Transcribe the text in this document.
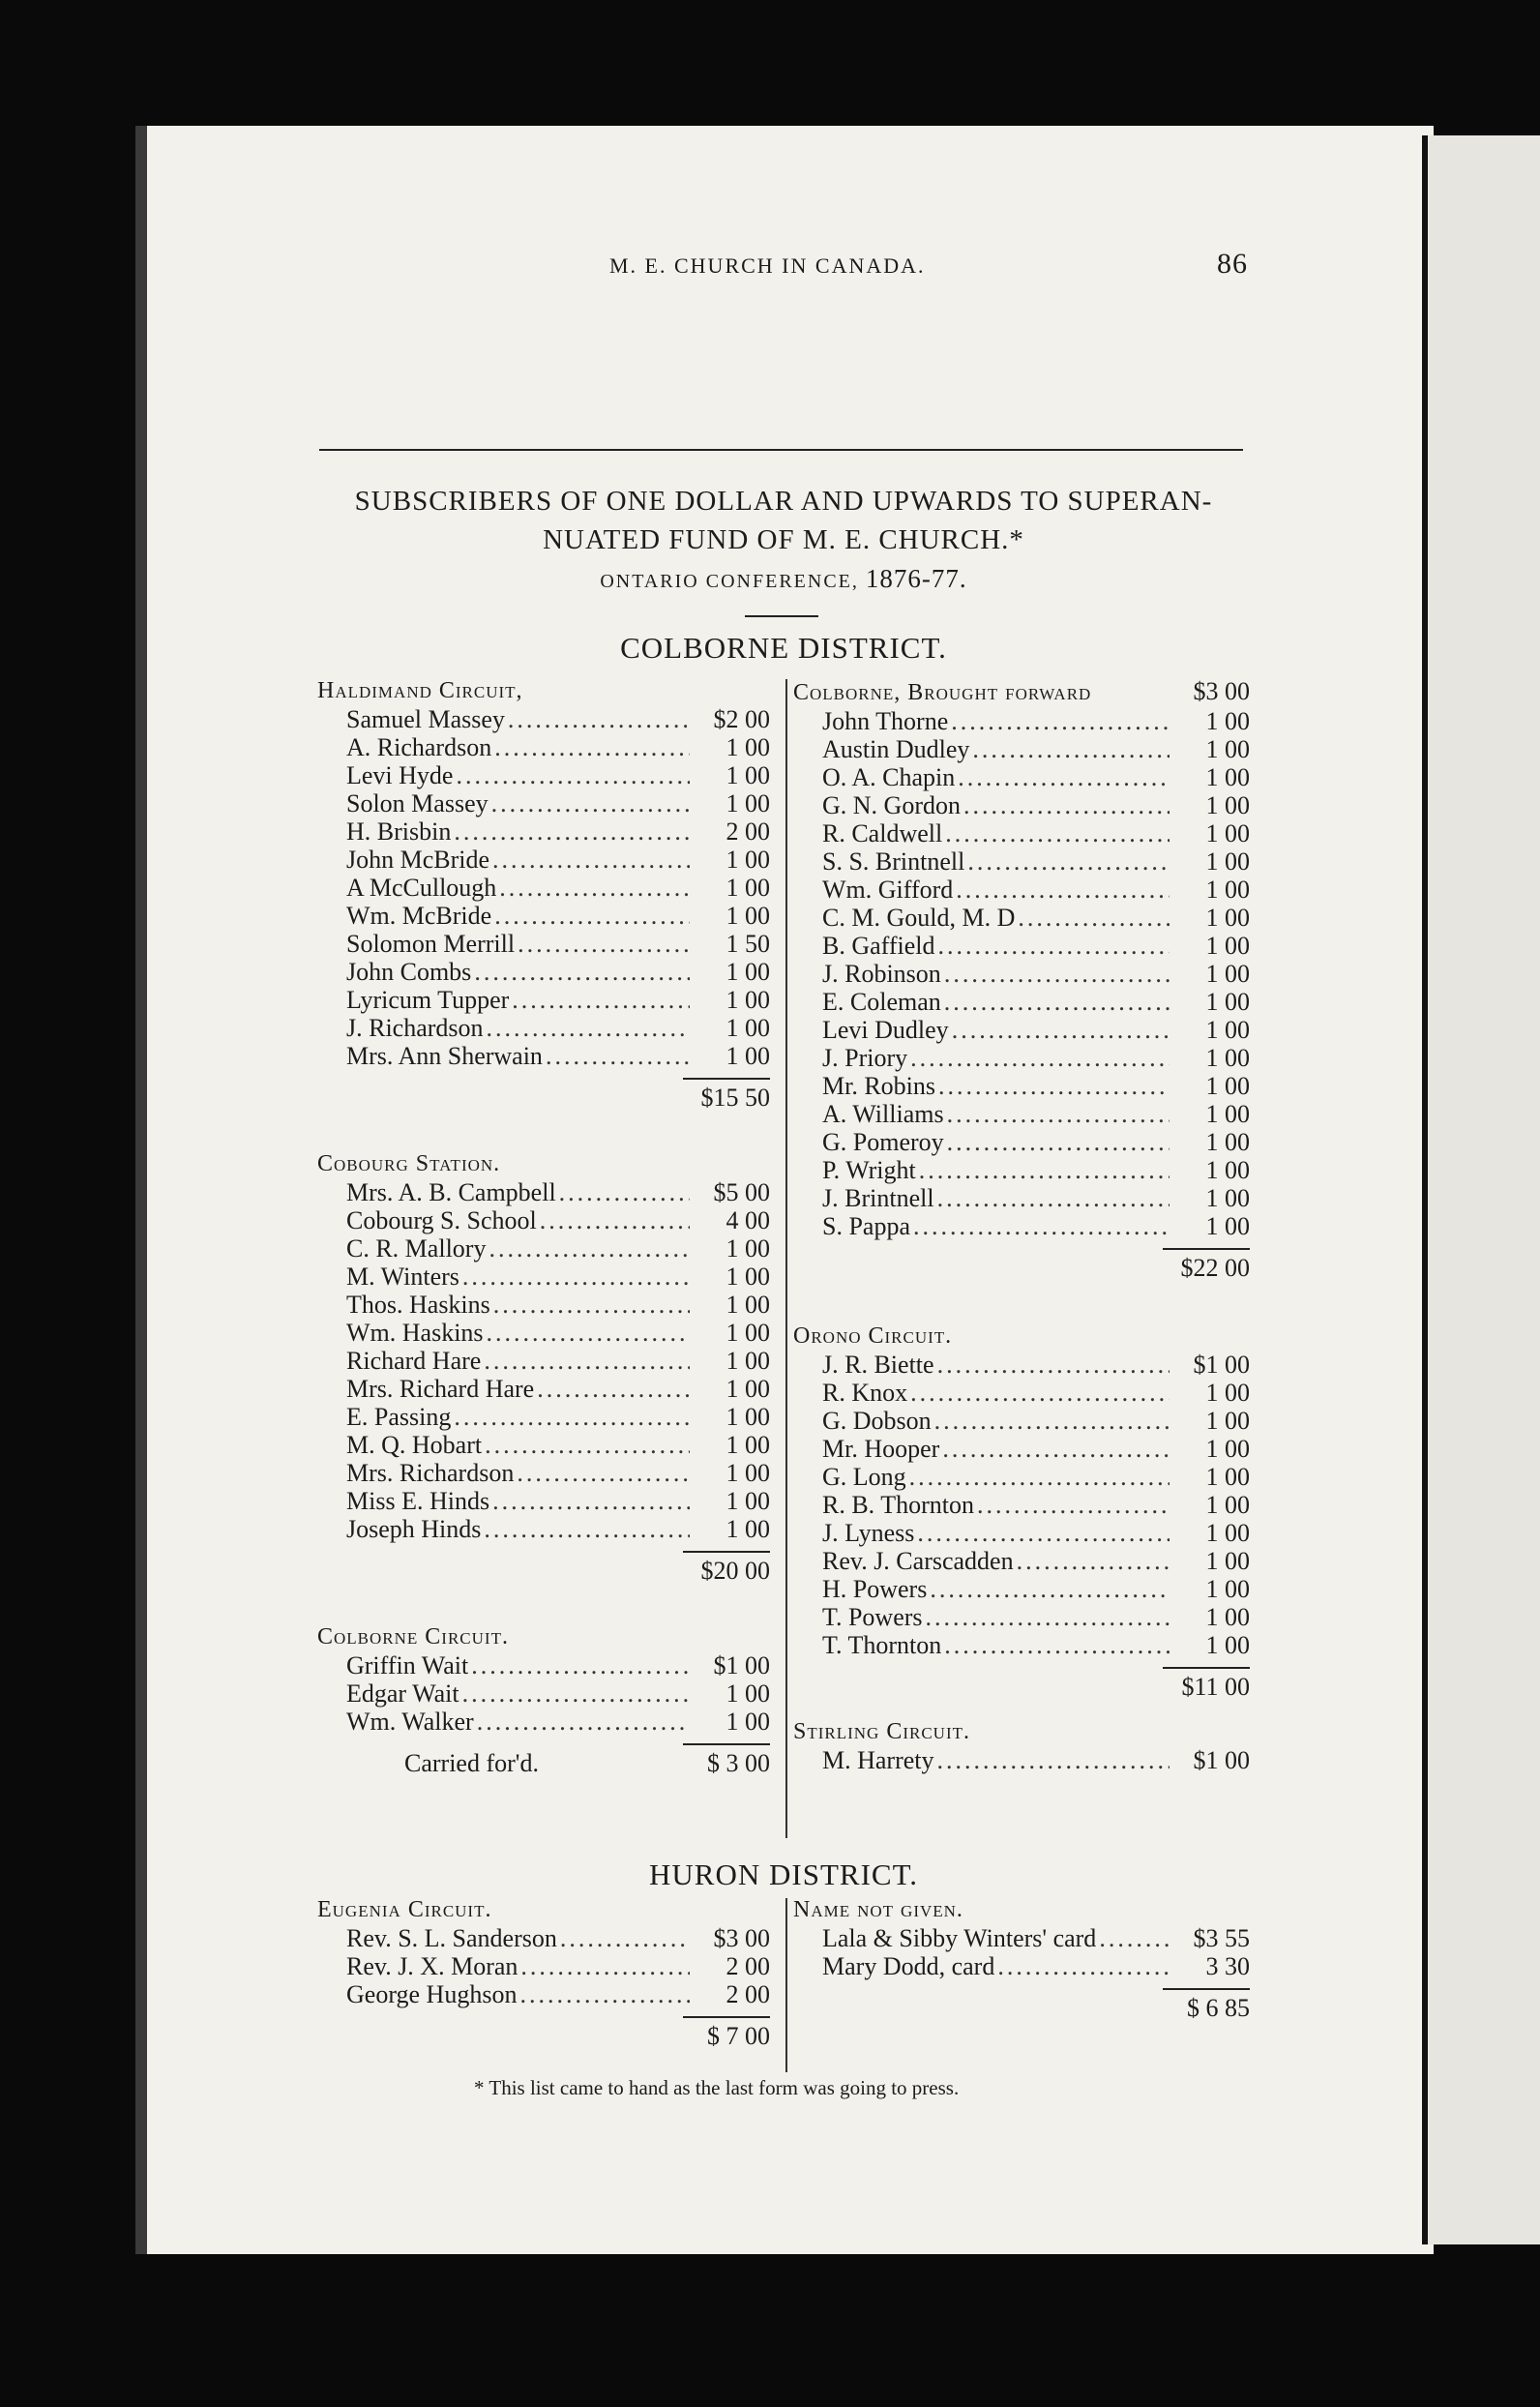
M. E. CHURCH IN CANADA.	86
SUBSCRIBERS OF ONE DOLLAR AND UPWARDS TO SUPERAN-
NUATED FUND OF M. E. CHURCH.*
ONTARIO CONFERENCE, 1876-77.
COLBORNE DISTRICT.
Haldimand Circuit,
Samuel Massey .....	$2 00
A. Richardson .....	1 00
Levi Hyde .....	1 00
Solon Massey .....	1 00
H. Brisbin .....	2 00
John McBride .....	1 00
A McCullough .....	1 00
Wm. McBride .....	1 00
Solomon Merrill .....	1 50
John Combs .....	1 00
Lyricum Tupper .....	1 00
J. Richardson .....	1 00
Mrs. Ann Sherwain .....	1 00
$15 50
Cobourg Station.
Mrs. A. B. Campbell .....	$5 00
Cobourg S. School .....	4 00
C. R. Mallory .....	1 00
M. Winters .....	1 00
Thos. Haskins .....	1 00
Wm. Haskins .....	1 00
Richard Hare .....	1 00
Mrs. Richard Hare .....	1 00
E. Passing .....	1 00
M. Q. Hobart .....	1 00
Mrs. Richardson .....	1 00
Miss E. Hinds .....	1 00
Joseph Hinds .....	1 00
$20 00
Colborne Circuit.
Griffin Wait .....	$1 00
Edgar Wait .....	1 00
Wm. Walker .....	1 00
Carried for'd.	$ 3 00
Colborne, Brought forward	$3 00
John Thorne .....	1 00
Austin Dudley .....	1 00
O. A. Chapin .....	1 00
G. N. Gordon .....	1 00
R. Caldwell .....	1 00
S. S. Brintnell .....	1 00
Wm. Gifford .....	1 00
C. M. Gould, M. D .....	1 00
B. Gaffield .....	1 00
J. Robinson .....	1 00
E. Coleman .....	1 00
Levi Dudley .....	1 00
J. Priory .....	1 00
Mr. Robins .....	1 00
A. Williams .....	1 00
G. Pomeroy .....	1 00
P. Wright .....	1 00
J. Brintnell .....	1 00
S. Pappa .....	1 00
$22 00
Orono Circuit.
J. R. Biette .....	$1 00
R. Knox .....	1 00
G. Dobson .....	1 00
Mr. Hooper .....	1 00
G. Long .....	1 00
R. B. Thornton .....	1 00
J. Lyness .....	1 00
Rev. J. Carscadden .....	1 00
H. Powers .....	1 00
T. Powers .....	1 00
T. Thornton .....	1 00
$11 00
Stirling Circuit.
M. Harrety .....	$1 00
HURON DISTRICT.
Eugenia Circuit.
Rev. S. L. Sanderson .....	$3 00
Rev. J. X. Moran .....	2 00
George Hughson .....	2 00
$ 7 00
Name not given.
Lala & Sibby Winters' card .....	$3 55
Mary Dodd, card .....	3 30
$ 6 85
* This list came to hand as the last form was going to press.
